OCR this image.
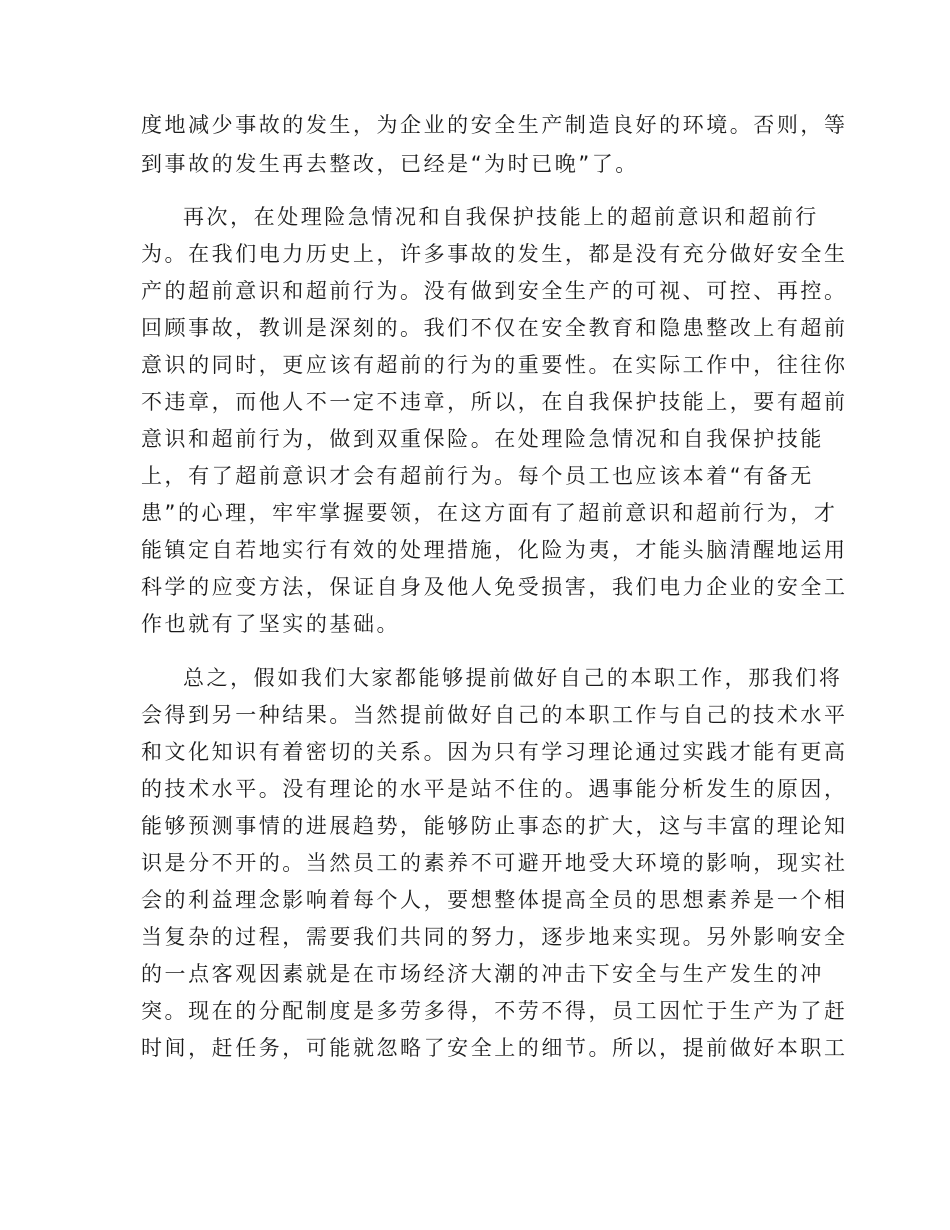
度地减少事故的发生，为企业的安全生产制造良好的环境。否则，等
到事故的发生再去整改，已经是“为时已晚”了。
再次，在处理险急情况和自我保护技能上的超前意识和超前行
为。在我们电力历史上，许多事故的发生，都是没有充分做好安全生
产的超前意识和超前行为。没有做到安全生产的可视、可控、再控。
回顾事故，教训是深刻的。我们不仅在安全教育和隐患整改上有超前
意识的同时，更应该有超前的行为的重要性。在实际工作中，往往你
不违章，而他人不一定不违章，所以，在自我保护技能上，要有超前
意识和超前行为，做到双重保险。在处理险急情况和自我保护技能
上，有了超前意识才会有超前行为。每个员工也应该本着“有备无
患”的心理，牢牢掌握要领，在这方面有了超前意识和超前行为，才
能镇定自若地实行有效的处理措施，化险为夷，才能头脑清醒地运用
科学的应变方法，保证自身及他人免受损害，我们电力企业的安全工
作也就有了坚实的基础。
总之，假如我们大家都能够提前做好自己的本职工作，那我们将
会得到另一种结果。当然提前做好自己的本职工作与自己的技术水平
和文化知识有着密切的关系。因为只有学习理论通过实践才能有更高
的技术水平。没有理论的水平是站不住的。遇事能分析发生的原因，
能够预测事情的进展趋势，能够防止事态的扩大，这与丰富的理论知
识是分不开的。当然员工的素养不可避开地受大环境的影响，现实社
会的利益理念影响着每个人，要想整体提高全员的思想素养是一个相
当复杂的过程，需要我们共同的努力，逐步地来实现。另外影响安全
的一点客观因素就是在市场经济大潮的冲击下安全与生产发生的冲
突。现在的分配制度是多劳多得，不劳不得，员工因忙于生产为了赶
时间，赶任务，可能就忽略了安全上的细节。所以，提前做好本职工
